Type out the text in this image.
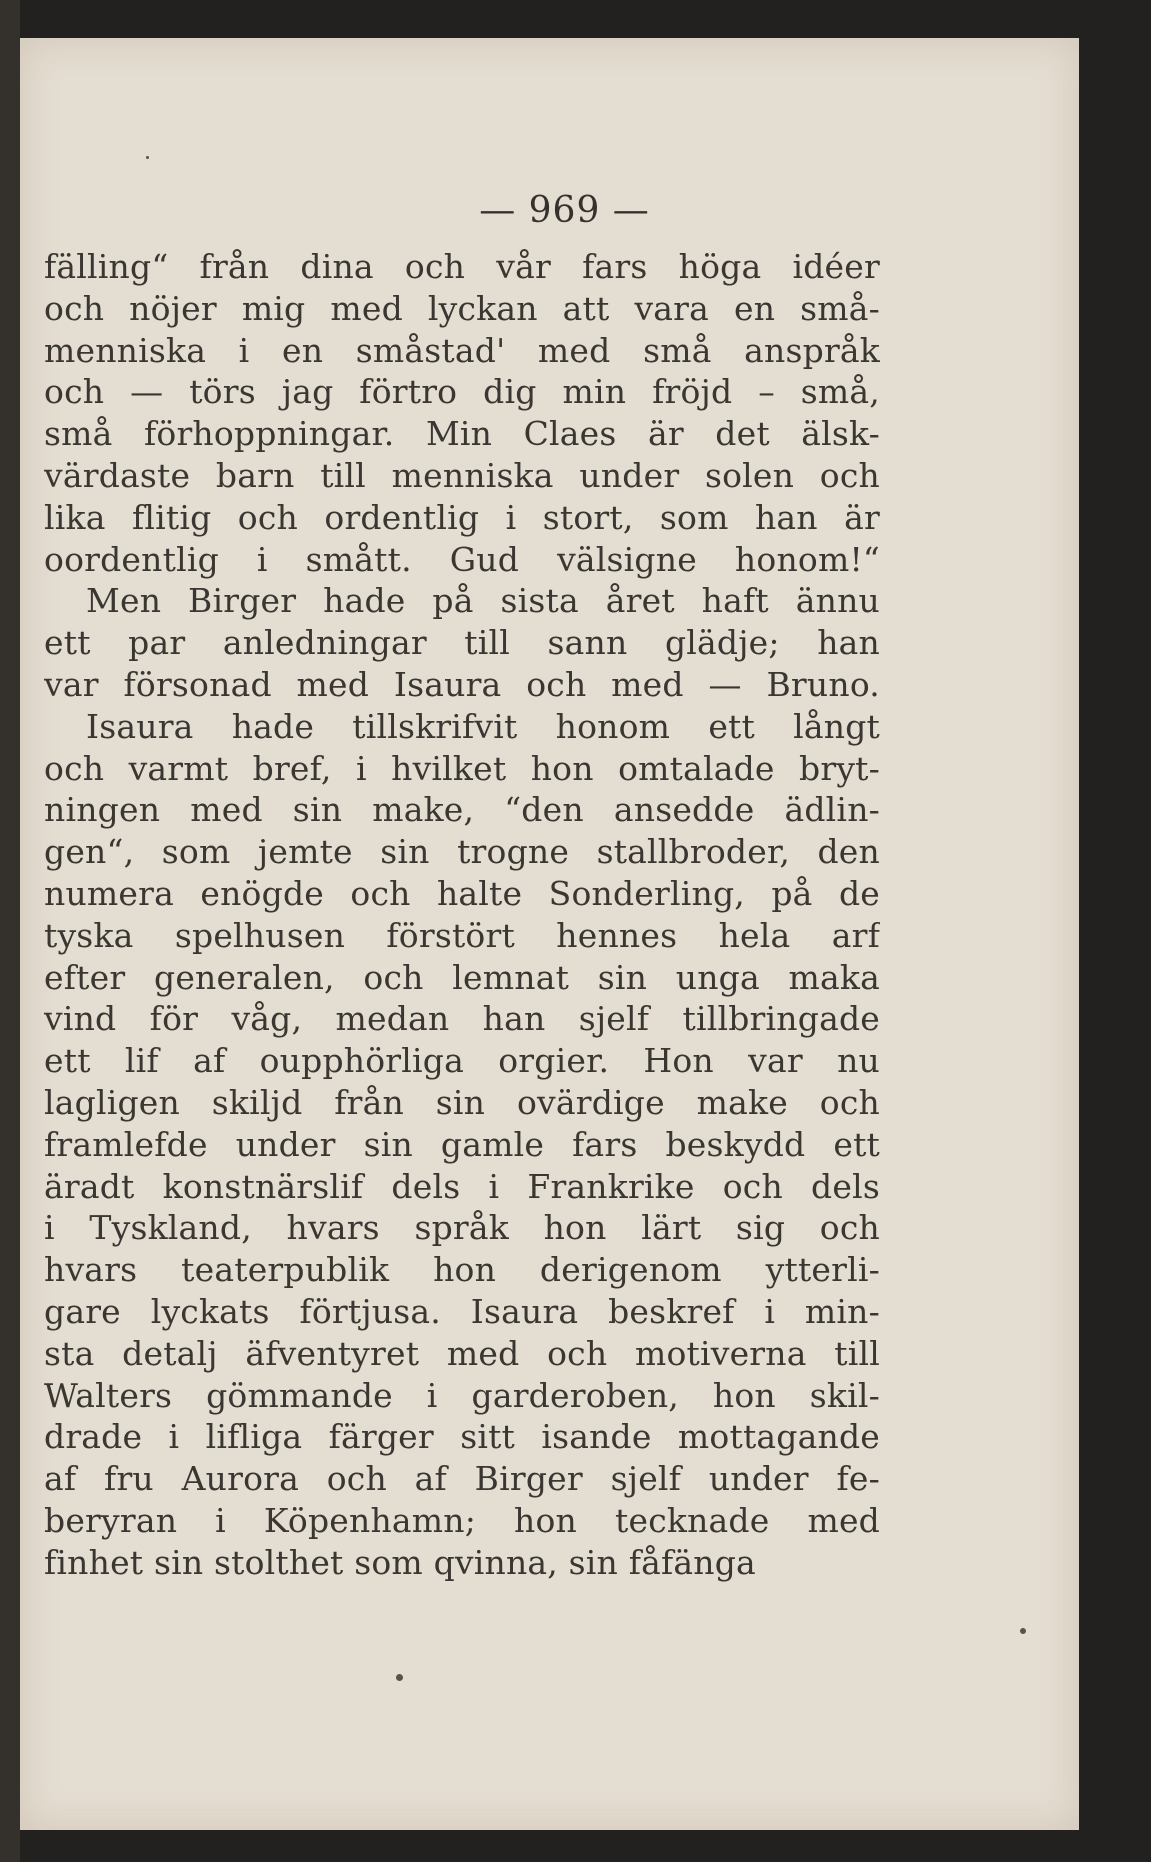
— 969 —
fälling“ från dina och vår fars höga idéer
och nöjer mig med lyckan att vara en små-
menniska i en småstad' med små anspråk
och — törs jag förtro dig min fröjd – små,
små förhoppningar. Min Claes är det älsk-
värdaste barn till menniska under solen och
lika flitig och ordentlig i stort, som han är
oordentlig i smått. Gud välsigne honom!“
Men Birger hade på sista året haft ännu
ett par anledningar till sann glädje; han
var försonad med Isaura och med — Bruno.
Isaura hade tillskrifvit honom ett långt
och varmt bref, i hvilket hon omtalade bryt-
ningen med sin make, “den ansedde ädlin-
gen“, som jemte sin trogne stallbroder, den
numera enögde och halte Sonderling, på de
tyska spelhusen förstört hennes hela arf
efter generalen, och lemnat sin unga maka
vind för våg, medan han sjelf tillbringade
ett lif af oupphörliga orgier. Hon var nu
lagligen skiljd från sin ovärdige make och
framlefde under sin gamle fars beskydd ett
äradt konstnärslif dels i Frankrike och dels
i Tyskland, hvars språk hon lärt sig och
hvars teaterpublik hon derigenom ytterli-
gare lyckats förtjusa. Isaura beskref i min-
sta detalj äfventyret med och motiverna till
Walters gömmande i garderoben, hon skil-
drade i lifliga färger sitt isande mottagande
af fru Aurora och af Birger sjelf under fe-
beryran i Köpenhamn; hon tecknade med
finhet sin stolthet som qvinna, sin fåfänga
